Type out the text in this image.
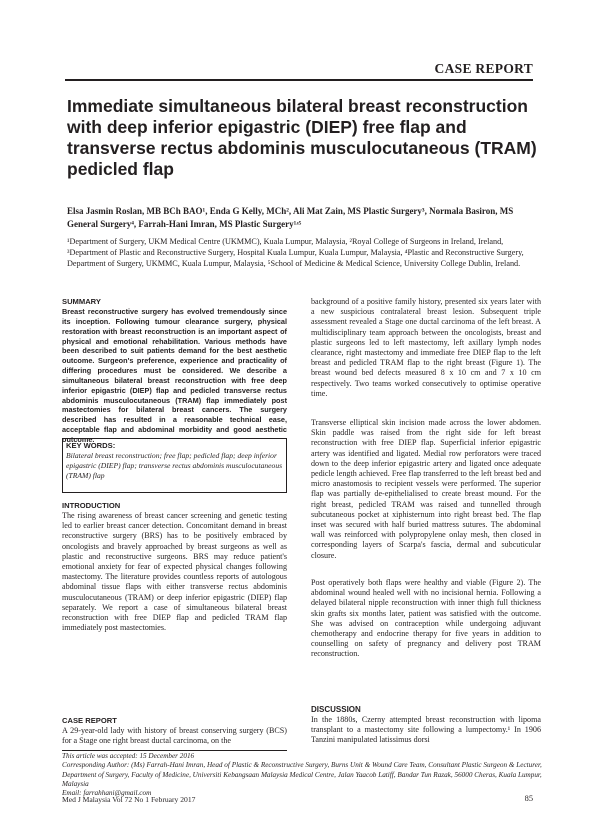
CASE REPORT
Immediate simultaneous bilateral breast reconstruction with deep inferior epigastric (DIEP) free flap and transverse rectus abdominis musculocutaneous (TRAM) pedicled flap
Elsa Jasmin Roslan, MB BCh BAO¹, Enda G Kelly, MCh², Ali Mat Zain, MS Plastic Surgery³, Normala Basiron, MS General Surgery⁴, Farrah-Hani Imran, MS Plastic Surgery¹ʴ⁵
¹Department of Surgery, UKM Medical Centre (UKMMC), Kuala Lumpur, Malaysia, ²Royal College of Surgeons in Ireland, Ireland, ³Department of Plastic and Reconstructive Surgery, Hospital Kuala Lumpur, Kuala Lumpur, Malaysia, ⁴Plastic and Reconstructive Surgery, Department of Surgery, UKMMC, Kuala Lumpur, Malaysia, ⁵School of Medicine & Medical Science, University College Dublin, Ireland.
SUMMARY
Breast reconstructive surgery has evolved tremendously since its inception. Following tumour clearance surgery, physical restoration with breast reconstruction is an important aspect of physical and emotional rehabilitation. Various methods have been described to suit patients demand for the best aesthetic outcome. Surgeon's preference, experience and practicality of differing procedures must be considered. We describe a simultaneous bilateral breast reconstruction with free deep inferior epigastric (DIEP) flap and pedicled transverse rectus abdominis musculocutaneous (TRAM) flap immediately post mastectomies for bilateral breast cancers. The surgery described has resulted in a reasonable technical ease, acceptable flap and abdominal morbidity and good aesthetic outcome.
KEY WORDS:
Bilateral breast reconstruction; free flap; pedicled flap; deep inferior epigastric (DIEP) flap; transverse rectus abdominis musculocutaneous (TRAM) flap
INTRODUCTION
The rising awareness of breast cancer screening and genetic testing led to earlier breast cancer detection. Concomitant demand in breast reconstructive surgery (BRS) has to be positively embraced by oncologists and bravely approached by breast surgeons as well as plastic and reconstructive surgeons. BRS may reduce patient's emotional anxiety for fear of expected physical changes following mastectomy. The literature provides countless reports of autologous abdominal tissue flaps with either transverse rectus abdominis musculocutaneous (TRAM) or deep inferior epigastric (DIEP) flap separately. We report a case of simultaneous bilateral breast reconstruction with free DIEP flap and pedicled TRAM flap immediately post mastectomies.
CASE REPORT
A 29-year-old lady with history of breast conserving surgery (BCS) for a Stage one right breast ductal carcinoma, on the
background of a positive family history, presented six years later with a new suspicious contralateral breast lesion. Subsequent triple assessment revealed a Stage one ductal carcinoma of the left breast. A multidisciplinary team approach between the oncologists, breast and plastic surgeons led to left mastectomy, left axillary lymph nodes clearance, right mastectomy and immediate free DIEP flap to the left breast and pedicled TRAM flap to the right breast (Figure 1). The breast wound bed defects measured 8 x 10 cm and 7 x 10 cm respectively. Two teams worked consecutively to optimise operative time.
Transverse elliptical skin incision made across the lower abdomen. Skin paddle was raised from the right side for left breast reconstruction with free DIEP flap. Superficial inferior epigastric artery was identified and ligated. Medial row perforators were traced down to the deep inferior epigastric artery and ligated once adequate pedicle length achieved. Free flap transferred to the left breast bed and micro anastomosis to recipient vessels were performed. The superior flap was partially de-epithelialised to create breast mound. For the right breast, pedicled TRAM was raised and tunnelled through subcutaneous pocket at xiphisternum into right breast bed. The flap inset was secured with half buried mattress sutures. The abdominal wall was reinforced with polypropylene onlay mesh, then closed in corresponding layers of Scarpa's fascia, dermal and subcuticular closure.
Post operatively both flaps were healthy and viable (Figure 2). The abdominal wound healed well with no incisional hernia. Following a delayed bilateral nipple reconstruction with inner thigh full thickness skin grafts six months later, patient was satisfied with the outcome. She was advised on contraception while undergoing adjuvant chemotherapy and endocrine therapy for five years in addition to counselling on safety of pregnancy and delivery post TRAM reconstruction.
DISCUSSION
In the 1880s, Czerny attempted breast reconstruction with lipoma transplant to a mastectomy site following a lumpectomy.¹ In 1906 Tanzini manipulated latissimus dorsi
This article was accepted: 15 December 2016
Corresponding Author: (Ms) Farrah-Hani Imran, Head of Plastic & Reconstructive Surgery, Burns Unit & Wound Care Team, Consultant Plastic Surgeon & Lecturer, Department of Surgery, Faculty of Medicine, Universiti Kebangsaan Malaysia Medical Centre, Jalan Yaacob Latiff, Bandar Tun Razak, 56000 Cheras, Kuala Lumpur, Malaysia
Email: farrahhani@gmail.com
Med J Malaysia Vol 72 No 1 February 2017	85
